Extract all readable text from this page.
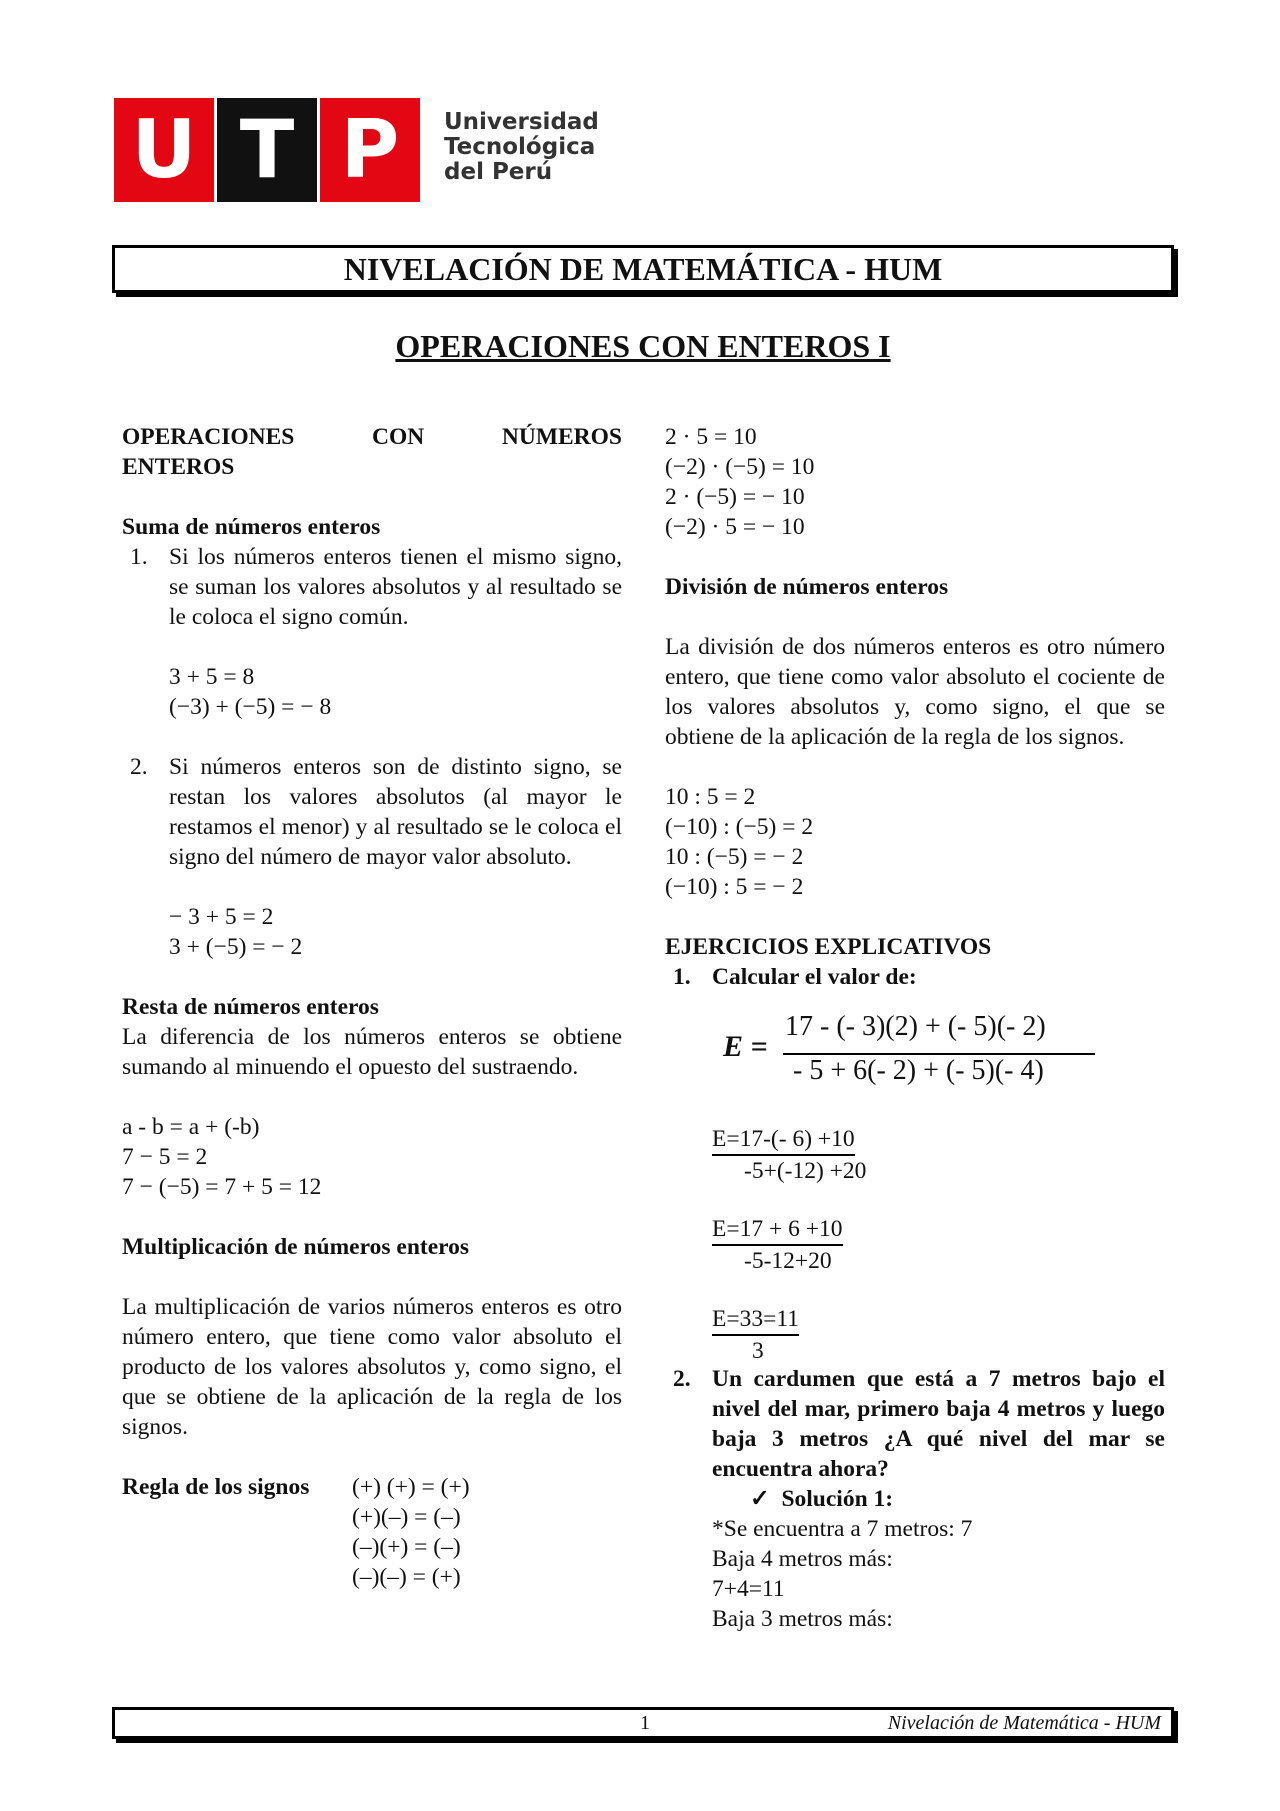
U T P	Universidad
Tecnológica
del Perú
NIVELACIÓN DE MATEMÁTICA - HUM
OPERACIONES CON ENTEROS I

OPERACIONES	CON	NÚMEROS

ENTEROS

Suma de números enteros

1. Si los números enteros tienen el mismo signo, se suman los valores absolutos y al resultado se le coloca el signo común.

3 + 5 = 8

(−3) + (−5) = − 8

2. Si números enteros son de distinto signo, se restan los valores absolutos (al mayor le restamos el menor) y al resultado se le coloca el signo del número de mayor valor absoluto.

− 3 + 5 = 2

3 + (−5) = − 2

Resta de números enteros

La diferencia de los números enteros se obtiene sumando al minuendo el opuesto del sustraendo.

a - b = a + (-b)

7 − 5 = 2

7 − (−5) = 7 + 5 = 12

Multiplicación de números enteros

La multiplicación de varios números enteros es otro número entero, que tiene como valor absoluto el producto de los valores absolutos y, como signo, el que se obtiene de la aplicación de la regla de los signos.

Regla de los signos	(+) (+) = (+)

(+)(–) = (–)

(–)(+) = (–)

(–)(–) = (+)

2 · 5 = 10

(−2) · (−5) = 10

2 · (−5) = − 10

(−2) · 5 = − 10

División de números enteros

La división de dos números enteros es otro número entero, que tiene como valor absoluto el cociente de los valores absolutos y, como signo, el que se obtiene de la aplicación de la regla de los signos.

10 : 5 = 2

(−10) : (−5) = 2

10 : (−5) = − 2

(−10) : 5 = − 2

EJERCICIOS EXPLICATIVOS

1. Calcular el valor de:

E =
17 - (- 3)(2) + (- 5)(- 2)
- 5 + 6(- 2) + (- 5)(- 4)
E=17-(- 6) +10
-5+(-12) +20
E=17 + 6 +10
-5-12+20
E=33=11
3
2. Un cardumen que está a 7 metros bajo el nivel del mar, primero baja 4 metros y luego baja 3 metros ¿A qué nivel del mar se encuentra ahora?

✓ Solución 1:

*Se encuentra a 7 metros: 7

Baja 4 metros más:

7+4=11

Baja 3 metros más:

1	Nivelación de Matemática - HUM
